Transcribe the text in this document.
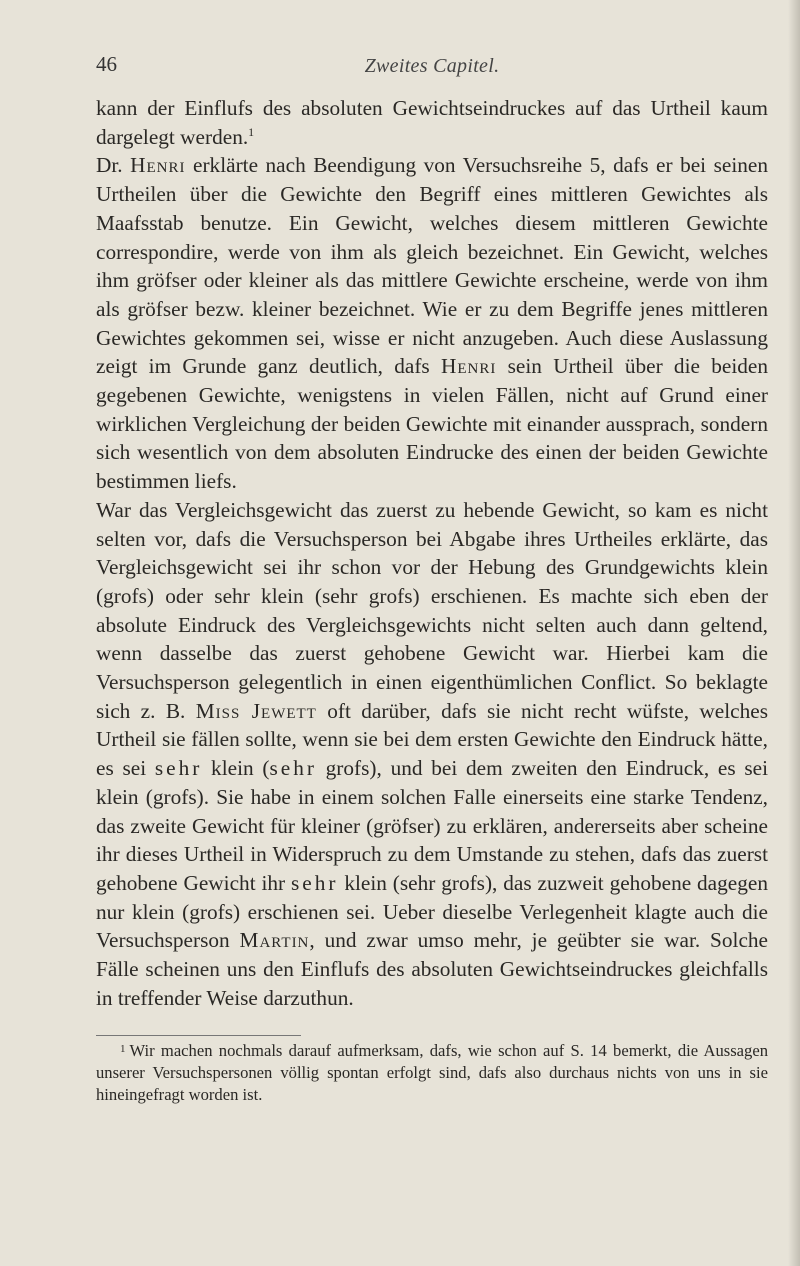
46	Zweites Capitel.

kann der Einflufs des absoluten Gewichtseindruckes auf das Urtheil kaum dargelegt werden.$^1$

Dr. Henri erklärte nach Beendigung von Versuchsreihe 5, dafs er bei seinen Urtheilen über die Gewichte den Begriff eines mittleren Gewichtes als Maafsstab benutze. Ein Gewicht, welches diesem mittleren Gewichte correspondire, werde von ihm als gleich bezeichnet. Ein Gewicht, welches ihm gröfser oder kleiner als das mittlere Gewichte erscheine, werde von ihm als gröfser bezw. kleiner bezeichnet. Wie er zu dem Begriffe jenes mittleren Gewichtes gekommen sei, wisse er nicht anzugeben. Auch diese Auslassung zeigt im Grunde ganz deutlich, dafs Henri sein Urtheil über die beiden gegebenen Gewichte, wenigstens in vielen Fällen, nicht auf Grund einer wirklichen Vergleichung der beiden Gewichte mit einander aussprach, sondern sich wesentlich von dem absoluten Eindrucke des einen der beiden Gewichte bestimmen liefs.

War das Vergleichsgewicht das zuerst zu hebende Gewicht, so kam es nicht selten vor, dafs die Versuchsperson bei Abgabe ihres Urtheiles erklärte, das Vergleichsgewicht sei ihr schon vor der Hebung des Grundgewichts klein (grofs) oder sehr klein (sehr grofs) erschienen. Es machte sich eben der absolute Eindruck des Vergleichsgewichts nicht selten auch dann geltend, wenn dasselbe das zuerst gehobene Gewicht war. Hierbei kam die Versuchsperson gelegentlich in einen eigenthümlichen Conflict. So beklagte sich z. B. Miss Jewett oft darüber, dafs sie nicht recht wüfste, welches Urtheil sie fällen sollte, wenn sie bei dem ersten Gewichte den Eindruck hätte, es sei sehr klein (sehr grofs), und bei dem zweiten den Eindruck, es sei klein (grofs). Sie habe in einem solchen Falle einerseits eine starke Tendenz, das zweite Gewicht für kleiner (gröfser) zu erklären, andererseits aber scheine ihr dieses Urtheil in Widerspruch zu dem Umstande zu stehen, dafs das zuerst gehobene Gewicht ihr sehr klein (sehr grofs), das zuzweit gehobene dagegen nur klein (grofs) erschienen sei. Ueber dieselbe Verlegenheit klagte auch die Versuchsperson Martin, und zwar umso mehr, je geübter sie war. Solche Fälle scheinen uns den Einflufs des absoluten Gewichtseindruckes gleichfalls in treffender Weise darzuthun.

$^1$ Wir machen nochmals darauf aufmerksam, dafs, wie schon auf S. 14 bemerkt, die Aussagen unserer Versuchspersonen völlig spontan erfolgt sind, dafs also durchaus nichts von uns in sie hineingefragt worden ist.
